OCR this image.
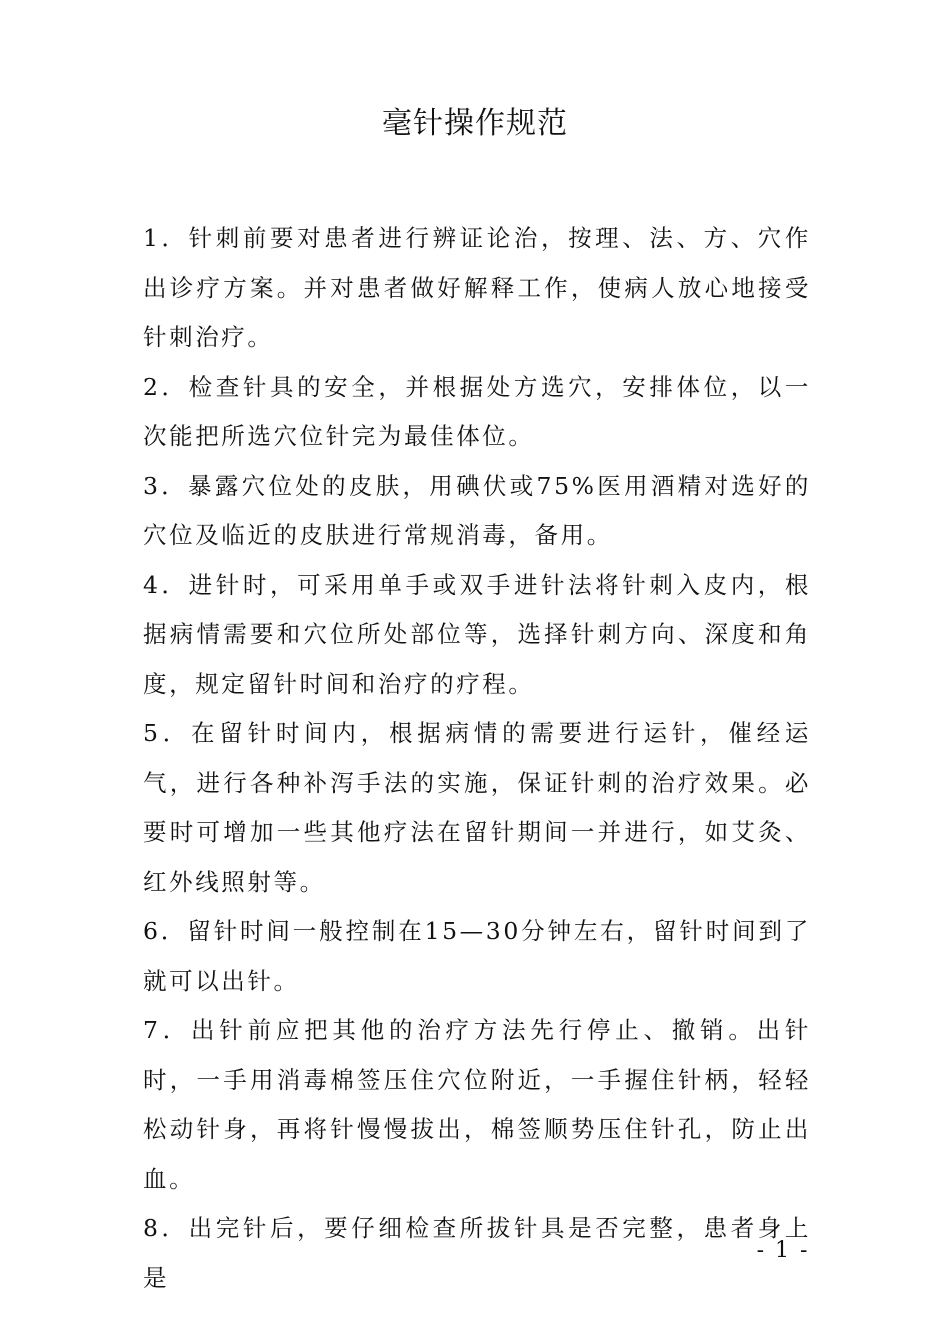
毫针操作规范

1．针刺前要对患者进行辨证论治，按理、法、方、穴作出诊疗方案。并对患者做好解释工作，使病人放心地接受针刺治疗。

2．检查针具的安全，并根据处方选穴，安排体位，以一次能把所选穴位针完为最佳体位。

3．暴露穴位处的皮肤，用碘伏或75%医用酒精对选好的穴位及临近的皮肤进行常规消毒，备用。

4．进针时，可采用单手或双手进针法将针刺入皮内，根据病情需要和穴位所处部位等，选择针刺方向、深度和角度，规定留针时间和治疗的疗程。

5．在留针时间内，根据病情的需要进行运针，催经运气，进行各种补泻手法的实施，保证针刺的治疗效果。必要时可增加一些其他疗法在留针期间一并进行，如艾灸、红外线照射等。

6．留针时间一般控制在15—30分钟左右，留针时间到了就可以出针。

7．出针前应把其他的治疗方法先行停止、撤销。出针时，一手用消毒棉签压住穴位附近，一手握住针柄，轻轻松动针身，再将针慢慢拔出，棉签顺势压住针孔，防止出血。

8．出完针后，要仔细检查所拔针具是否完整，患者身上是

- 1 -
